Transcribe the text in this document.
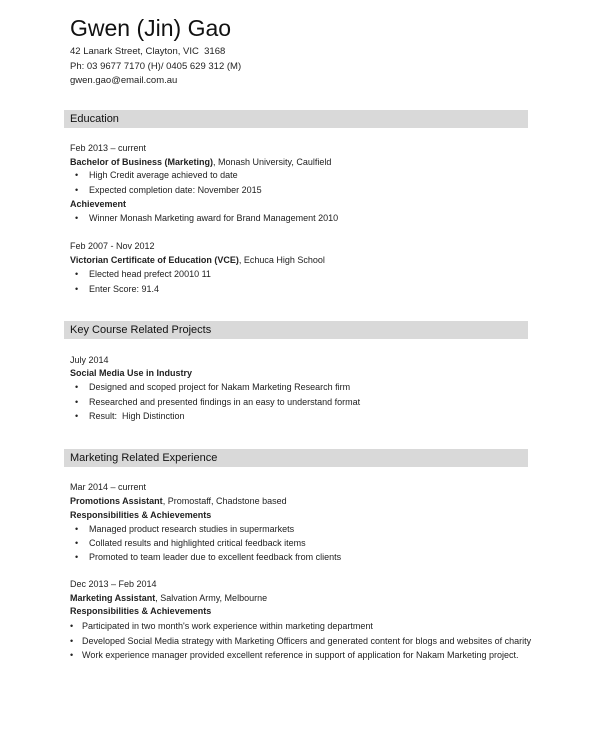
Gwen (Jin) Gao
42 Lanark Street, Clayton, VIC  3168
Ph: 03 9677 7170 (H)/ 0405 629 312 (M)
gwen.gao@email.com.au
Education
Feb 2013 – current
Bachelor of Business (Marketing), Monash University, Caulfield
• High Credit average achieved to date
• Expected completion date: November 2015
Achievement
• Winner Monash Marketing award for Brand Management 2010
Feb 2007 - Nov 2012
Victorian Certificate of Education (VCE), Echuca High School
• Elected head prefect 20010 11
• Enter Score: 91.4
Key Course Related Projects
July 2014
Social Media Use in Industry
• Designed and scoped project for Nakam Marketing Research firm
• Researched and presented findings in an easy to understand format
• Result:  High Distinction
Marketing Related Experience
Mar 2014 – current
Promotions Assistant, Promostaff, Chadstone based
Responsibilities & Achievements
• Managed product research studies in supermarkets
• Collated results and highlighted critical feedback items
• Promoted to team leader due to excellent feedback from clients
Dec 2013 – Feb 2014
Marketing Assistant, Salvation Army, Melbourne
Responsibilities & Achievements
• Participated in two month's work experience within marketing department
• Developed Social Media strategy with Marketing Officers and generated content for blogs and websites of charity
• Work experience manager provided excellent reference in support of application for Nakam Marketing project.
